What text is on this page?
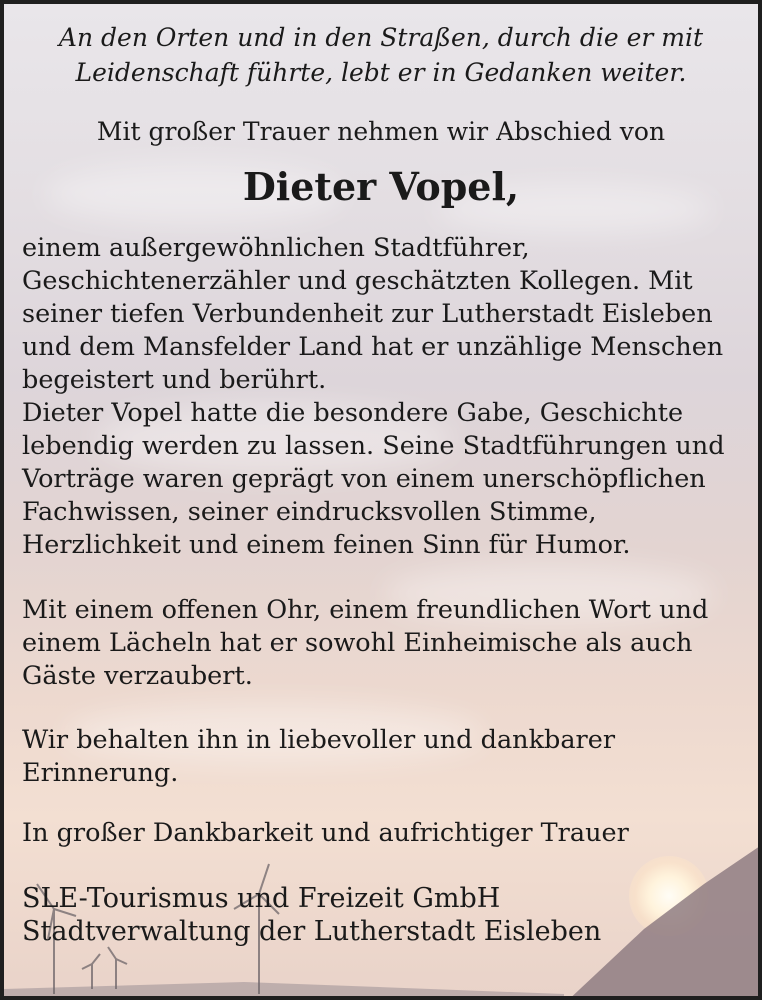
An den Orten und in den Straßen, durch die er mit Leidenschaft führte, lebt er in Gedanken weiter.
Mit großer Trauer nehmen wir Abschied von
Dieter Vopel,
einem außergewöhnlichen Stadtführer,
Geschichtenerzähler und geschätzten Kollegen. Mit
seiner tiefen Verbundenheit zur Lutherstadt Eisleben
und dem Mansfelder Land hat er unzählige Menschen
begeistert und berührt.
Dieter Vopel hatte die besondere Gabe, Geschichte
lebendig werden zu lassen. Seine Stadtführungen und
Vorträge waren geprägt von einem unerschöpflichen
Fachwissen, seiner eindrucksvollen Stimme,
Herzlichkeit und einem feinen Sinn für Humor.
Mit einem offenen Ohr, einem freundlichen Wort und
einem Lächeln hat er sowohl Einheimische als auch
Gäste verzaubert.
Wir behalten ihn in liebevoller und dankbarer
Erinnerung.
In großer Dankbarkeit und aufrichtiger Trauer
SLE-Tourismus und Freizeit GmbH
Stadtverwaltung der Lutherstadt Eisleben
